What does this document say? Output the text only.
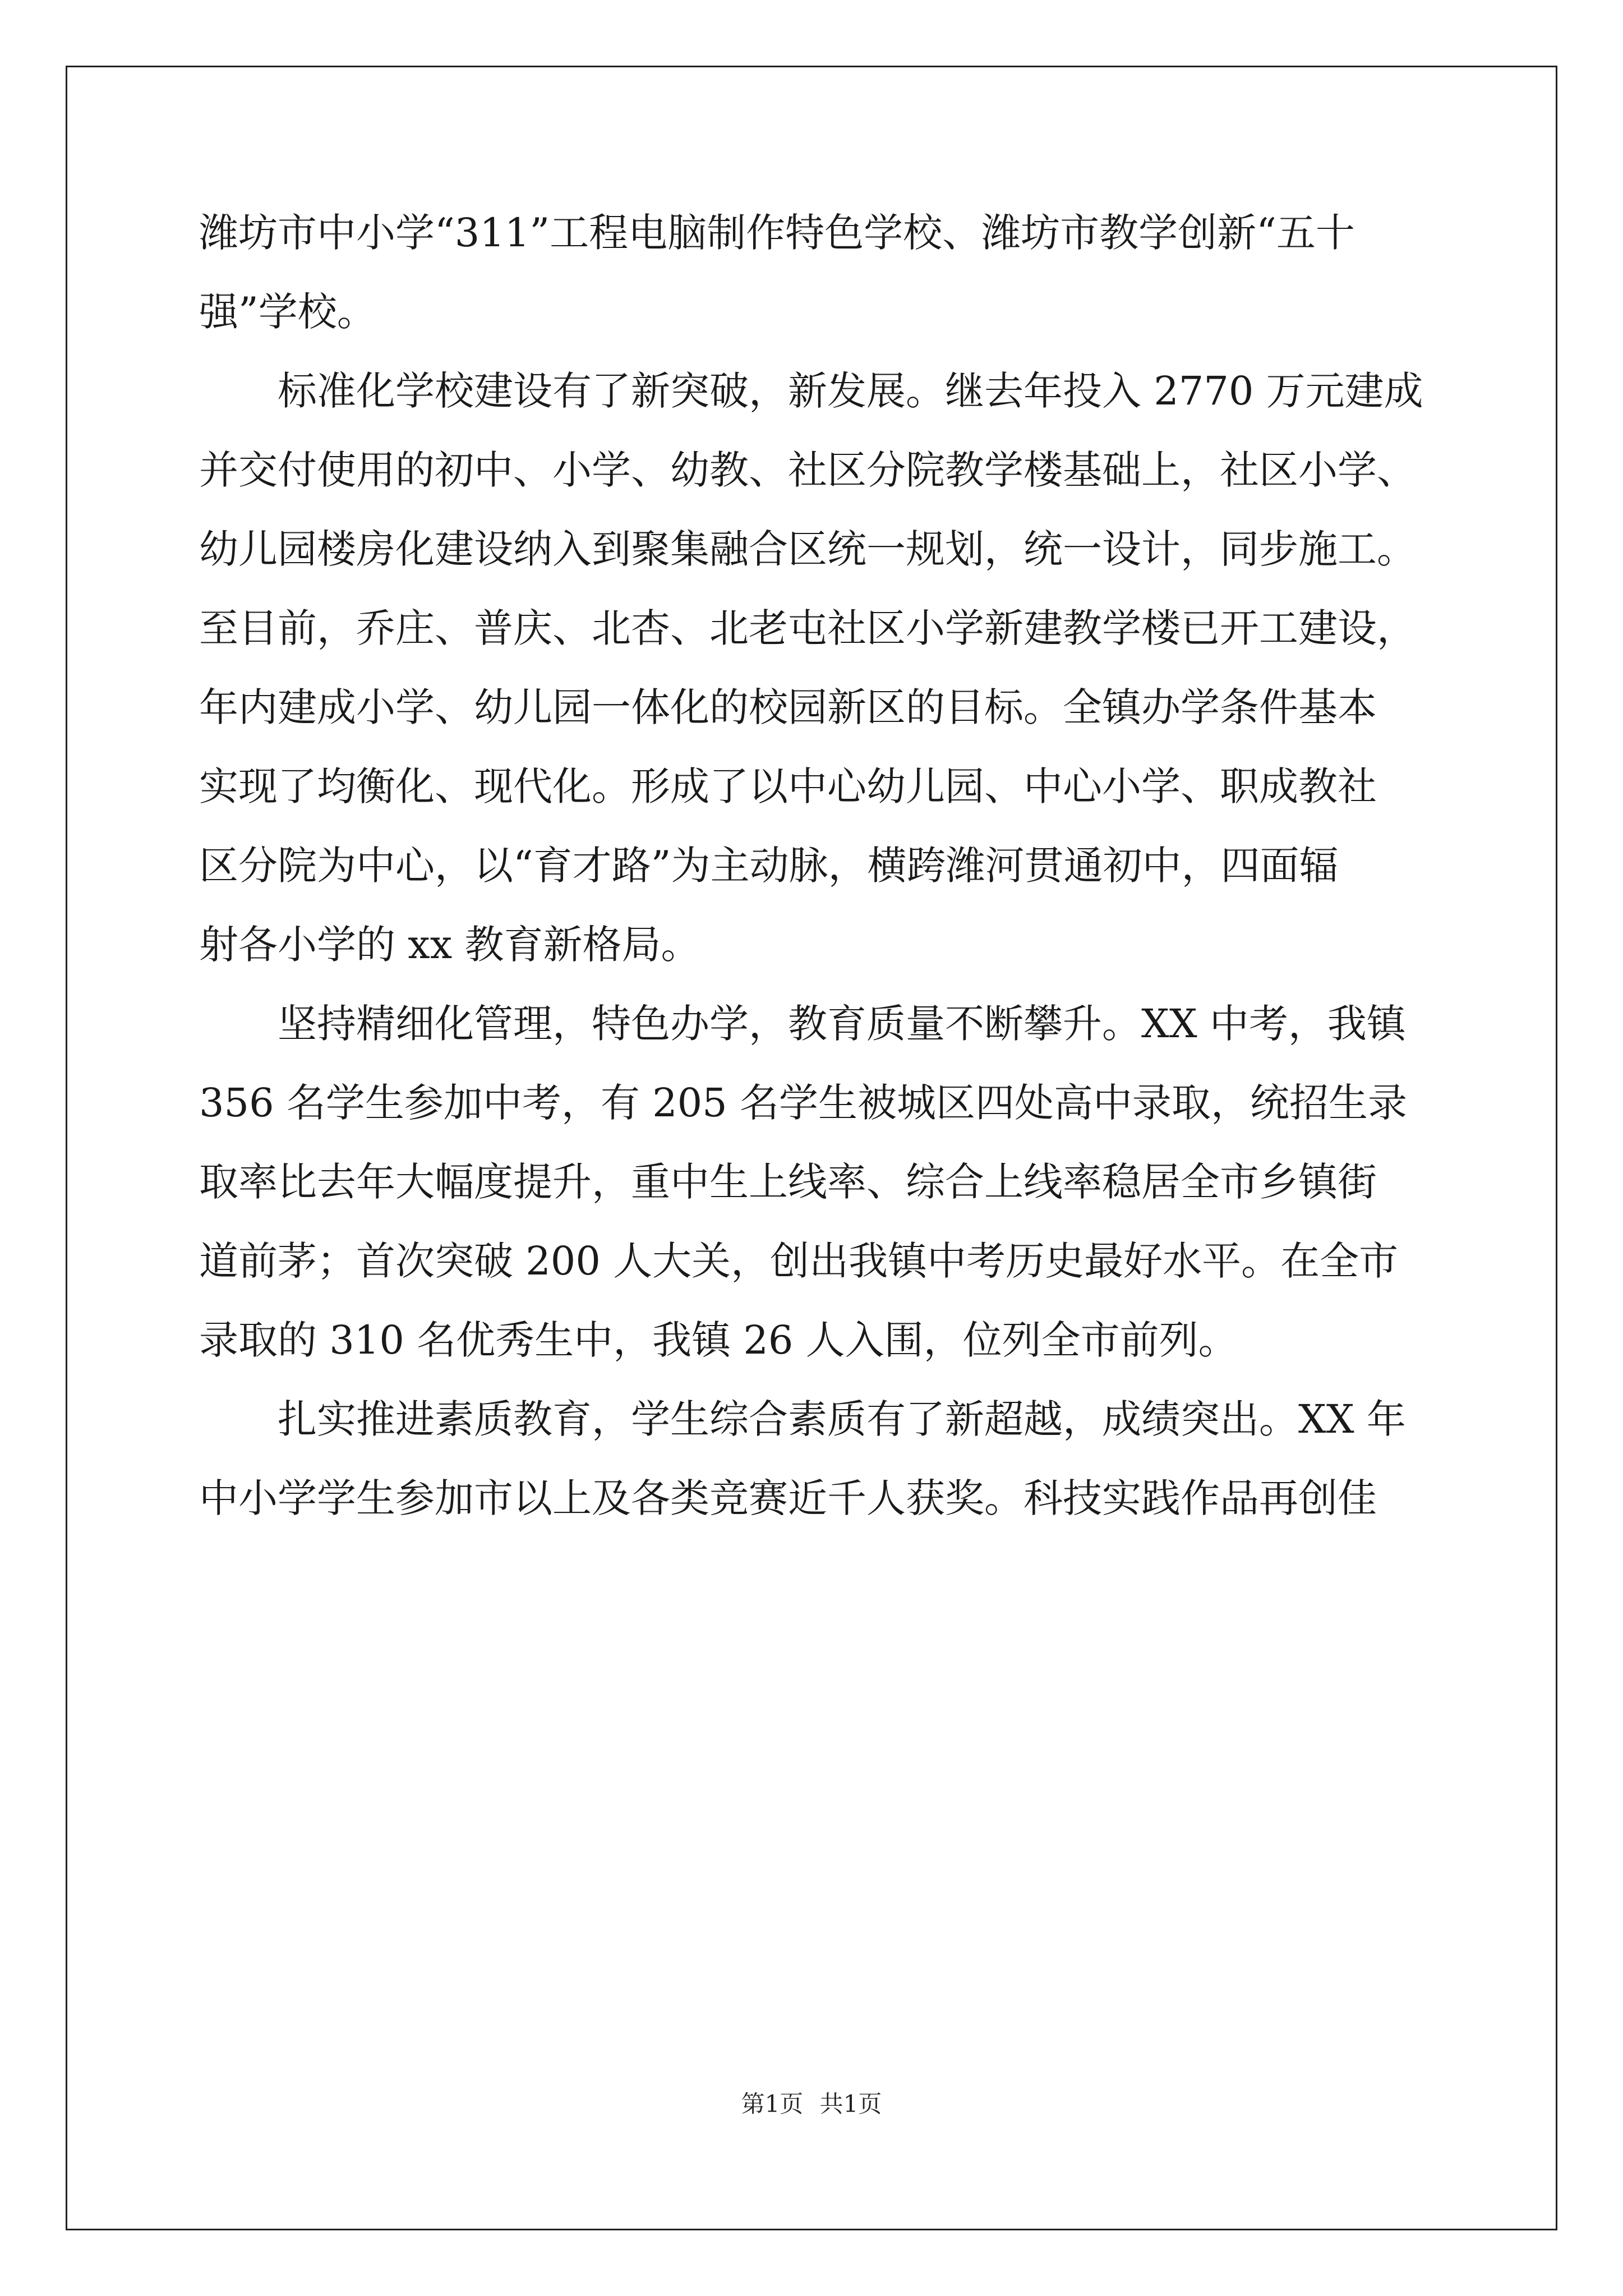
潍坊市中小学“311”工程电脑制作特色学校、潍坊市教学创新“五十
强”学校。
标准化学校建设有了新突破，新发展。继去年投入 2770 万元建成
并交付使用的初中、小学、幼教、社区分院教学楼基础上，社区小学、
幼儿园楼房化建设纳入到聚集融合区统一规划，统一设计，同步施工。
至目前，乔庄、普庆、北杏、北老屯社区小学新建教学楼已开工建设，
年内建成小学、幼儿园一体化的校园新区的目标。全镇办学条件基本
实现了均衡化、现代化。形成了以中心幼儿园、中心小学、职成教社
区分院为中心，以“育才路”为主动脉，横跨潍河贯通初中，四面辐
射各小学的 xx 教育新格局。
坚持精细化管理，特色办学，教育质量不断攀升。XX 中考，我镇
356 名学生参加中考，有 205 名学生被城区四处高中录取，统招生录
取率比去年大幅度提升，重中生上线率、综合上线率稳居全市乡镇街
道前茅；首次突破 200 人大关，创出我镇中考历史最好水平。在全市
录取的 310 名优秀生中，我镇 26 人入围，位列全市前列。
扎实推进素质教育，学生综合素质有了新超越，成绩突出。XX 年
中小学学生参加市以上及各类竞赛近千人获奖。科技实践作品再创佳
第1页 共1页
